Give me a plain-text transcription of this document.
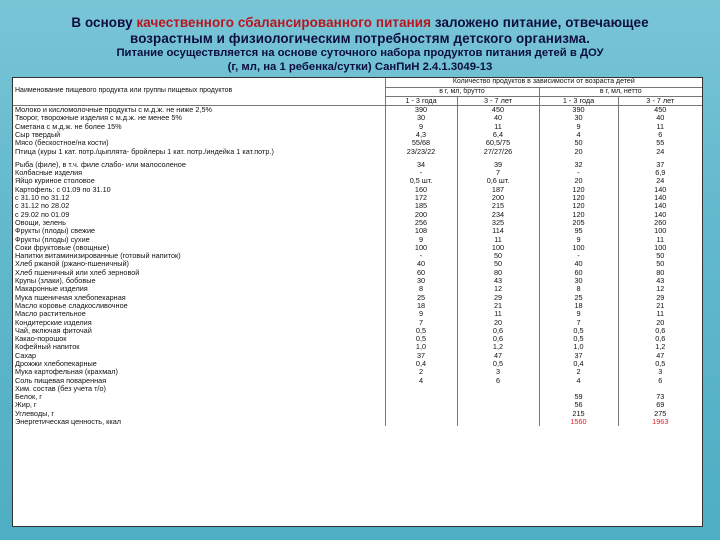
В основу качественного сбалансированного питания заложено питание, отвечающее
возрастным и физиологическим потребностям детского организма.
Питание осуществляется на основе суточного набора продуктов питания детей в ДОУ
(г, мл, на 1 ребенка/сутки) СанПиН 2.4.1.3049-13
Наименование пищевого продукта или группы пищевых продуктов	Количество продуктов в зависимости от возраста детей			
	в г, мл, брутто		в г, мл, нетто	
	1 - 3 года	3 - 7 лет	1 - 3 года	3 - 7 лет
Молоко и кисломолочные продукты с м.д.ж. не ниже 2,5%	390	450	390	450
Творог, творожные изделия с м.д.ж. не менее 5%	30	40	30	40
Сметана с м.д.ж. не более 15%	9	11	9	11
Сыр твердый	4,3	6,4	4	6
Мясо (бескостное/на кости)	55/68	60,5/75	50	55
Птица (куры 1 кат. потр./цыплята- бройлеры 1 кат. потр./индейка 1 кат.потр.)	23/23/22	27/27/26	20	24
Рыба (филе), в т.ч. филе слабо- или малосоленое	34	39	32	37
Колбасные изделия	-	7	-	6,9
Яйцо куриное столовое	0,5 шт.	0,6 шт.	20	24
Картофель: с 01.09 по 31.10	160	187	120	140
с 31.10 по 31.12	172	200	120	140
с 31.12 по 28.02	185	215	120	140
с 29.02 по 01.09	200	234	120	140
Овощи, зелень	256	325	205	260
Фрукты (плоды) свежие	108	114	95	100
Фрукты (плоды) сухие	9	11	9	11
Соки фруктовые (овощные)	100	100	100	100
Напитки витаминизированные (готовый напиток)	-	50	-	50
Хлеб ржаной (ржано-пшеничный)	40	50	40	50
Хлеб пшеничный или хлеб зерновой	60	80	60	80
Крупы (злаки), бобовые	30	43	30	43
Макаронные изделия	8	12	8	12
Мука пшеничная хлебопекарная	25	29	25	29
Масло коровье сладкосливочное	18	21	18	21
Масло растительное	9	11	9	11
Кондитерские изделия	7	20	7	20
Чай, включая фиточай	0,5	0,6	0,5	0,6
Какао-порошок	0,5	0,6	0,5	0,6
Кофейный напиток	1,0	1,2	1,0	1,2
Сахар	37	47	37	47
Дрожжи хлебопекарные	0,4	0,5	0,4	0,5
Мука картофельная (крахмал)	2	3	2	3
Соль пищевая поваренная	4	6	4	6
Хим. состав (без учета т/о)				
Белок, г			59	73
Жир, г			56	69
Углеводы, г			215	275
Энергетическая ценность, ккал			1560	1963
